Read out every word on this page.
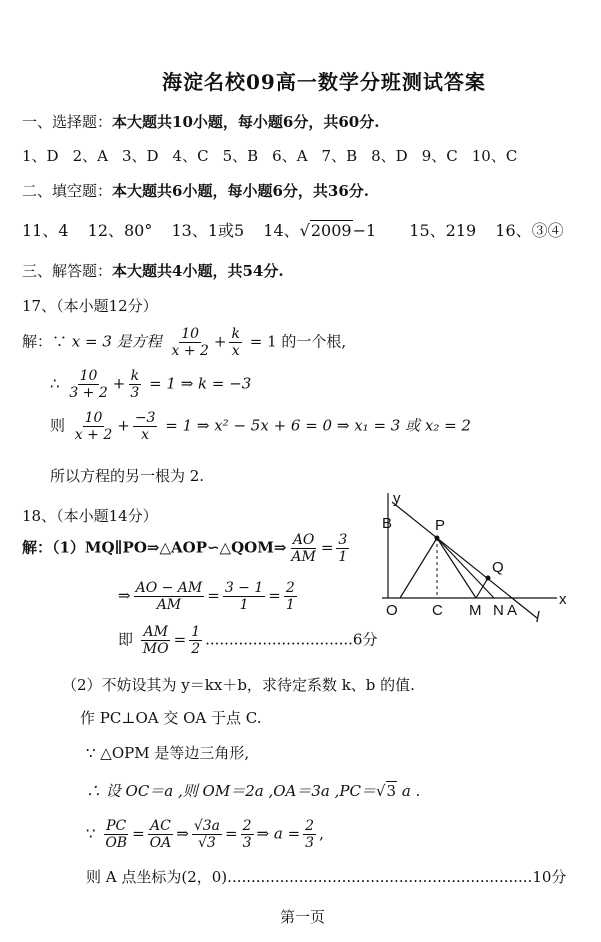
海淀名校09高一数学分班测试答案
一、选择题：本大题共10小题，每小题6分，共60分.
1、D 2、A 3、D 4、C 5、B 6、A 7、B 8、D 9、C 10、C
二、填空题：本大题共6小题，每小题6分，共36分.
11、4 12、80° 13、1或5 14、√2009−1 15、219 16、③④
三、解答题：本大题共4小题，共54分.
17、（本小题12分）
解：∵ x = 3 是方程 $\frac{10}{x + 2} + \frac{k}{x} = 1$ 的一个根,
∴ $\frac{10}{3 + 2} + \frac{k}{3} = 1$ ⇒ k = −3
则 $\frac{10}{x + 2} + \frac{-3}{x} = 1$ ⇒ x² − 5x + 6 = 0 ⇒ x₁ = 3 或 x₂ = 2
所以方程的另一根为 2.
18、（本小题14分）
解：（1）MQ∥PO⇒△AOP∽△QOM⇒ $\frac{AO}{AM} = \frac{3}{1}$
⇒ $\frac{AO - AM}{AM} = \frac{3 - 1}{1} = \frac{2}{1}$
即 $\frac{AM}{MO} = \frac{1}{2} ...............................6$分
（2）不妨设其为 y＝kx＋b，求待定系数 k、b 的值.
作 PC⊥OA 交 OA 于点 C.
∵ △OPM 是等边三角形,
∴ 设 OC＝a ,则 OM＝2a ,OA＝3a ,PC＝√3 a .
∵ $\frac{PC}{OB} = \frac{AC}{OA}$ ⇒ $\frac{√3a}{√3} = \frac{2}{3}$ ⇒ $a = \frac{2}{3}$ ,
则 A 点坐标为(2，0)................................................................10分
第一页
y
B	P
Q
x
O C M N A l
